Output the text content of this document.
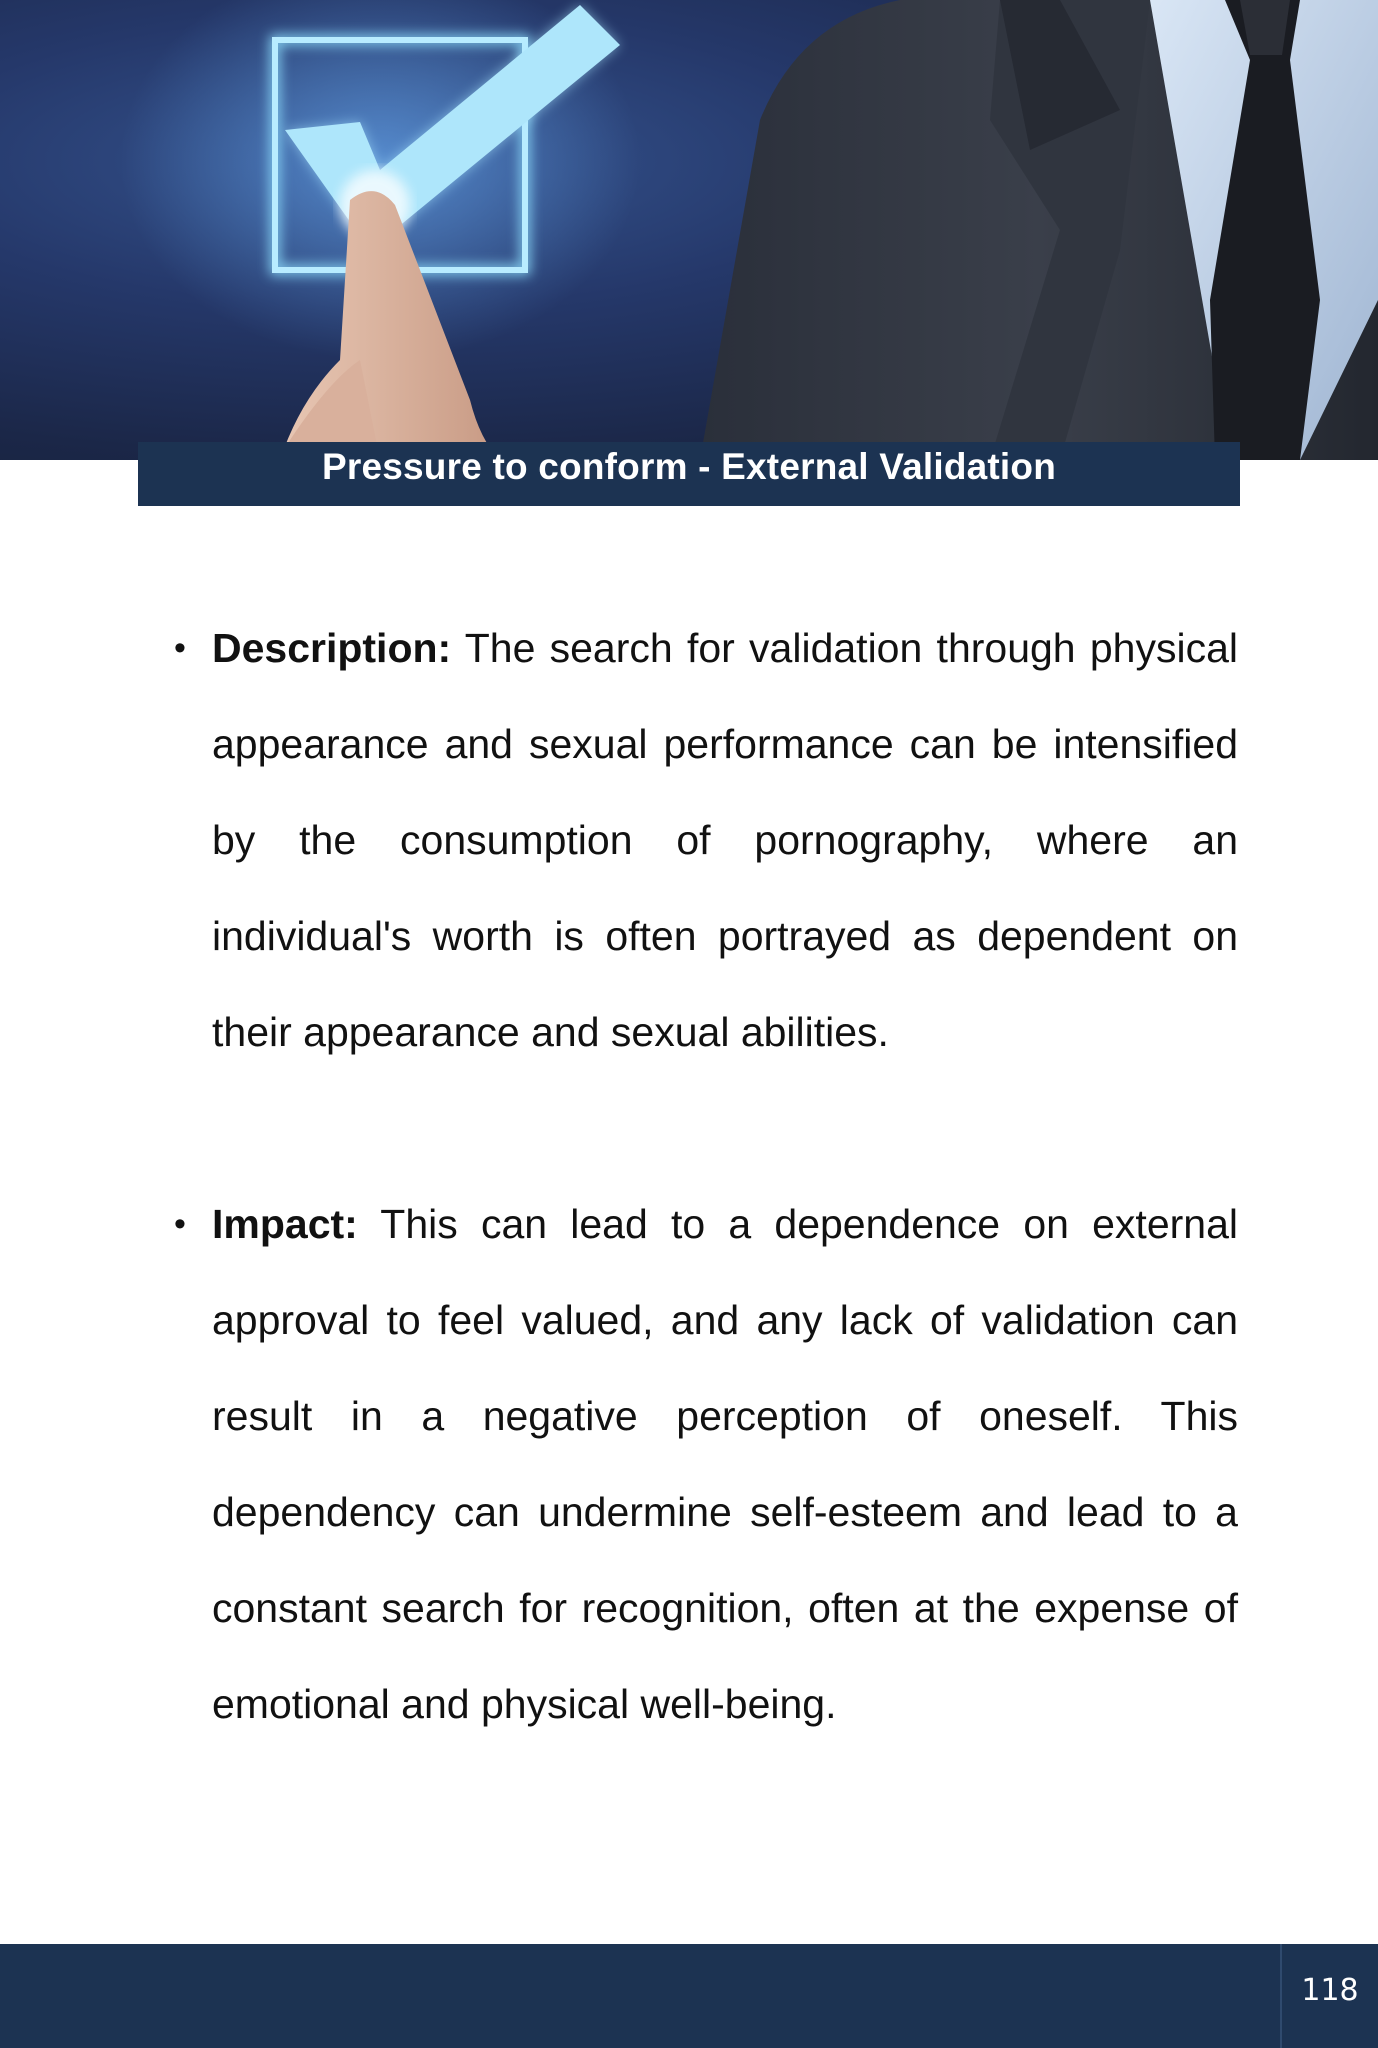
Pressure to conform - External Validation

• Description: The search for validation through physical appearance and sexual performance can be intensified by the consumption of pornography, where an individual's worth is often portrayed as dependent on their appearance and sexual abilities.

• Impact: This can lead to a dependence on external approval to feel valued, and any lack of validation can result in a negative perception of oneself. This dependency can undermine self-esteem and lead to a constant search for recognition, often at the expense of emotional and physical well-being.

118
